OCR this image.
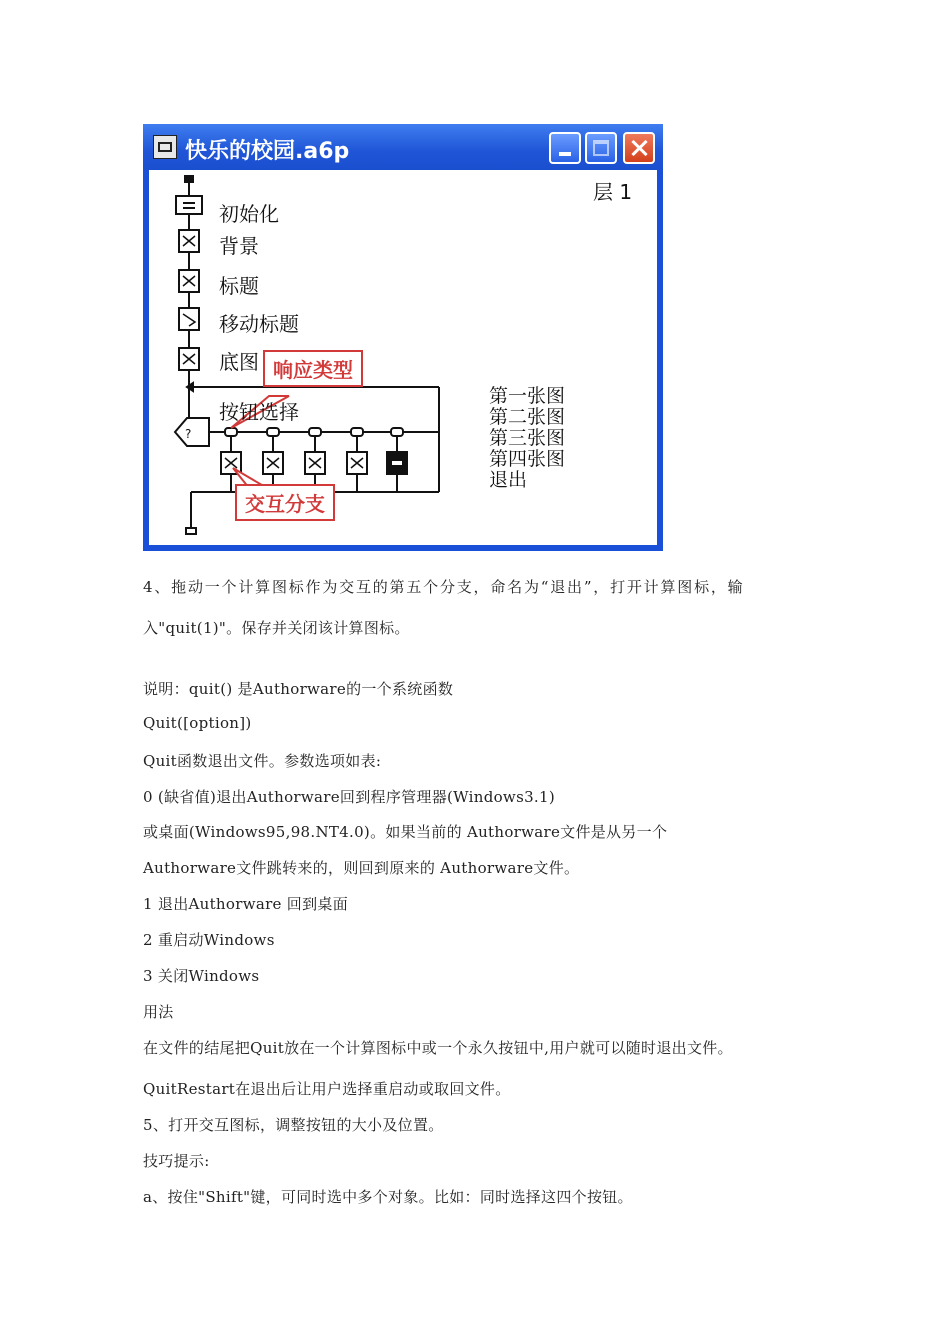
快乐的校园.a6p
?
层 1
初始化
背景
标题
移动标题
底图
按钮选择
响应类型
交互分支
第一张图
第二张图
第三张图
第四张图
退出
4、拖动一个计算图标作为交互的第五个分支，命名为“退出”，打开计算图标，输
入"quit(1)"。保存并关闭该计算图标。
说明：quit() 是Authorware的一个系统函数
Quit([option])
Quit函数退出文件。参数选项如表:
0 (缺省值)退出Authorware回到程序管理器(Windows3.1)
或桌面(Windows95,98.NT4.0)。如果当前的 Authorware文件是从另一个
Authorware文件跳转来的，则回到原来的 Authorware文件。
1 退出Authorware 回到桌面
2 重启动Windows
3 关闭Windows
用法
在文件的结尾把Quit放在一个计算图标中或一个永久按钮中,用户就可以随时退出文件。
QuitRestart在退出后让用户选择重启动或取回文件。
5、打开交互图标，调整按钮的大小及位置。
技巧提示:
a、按住"Shift"键，可同时选中多个对象。比如：同时选择这四个按钮。
